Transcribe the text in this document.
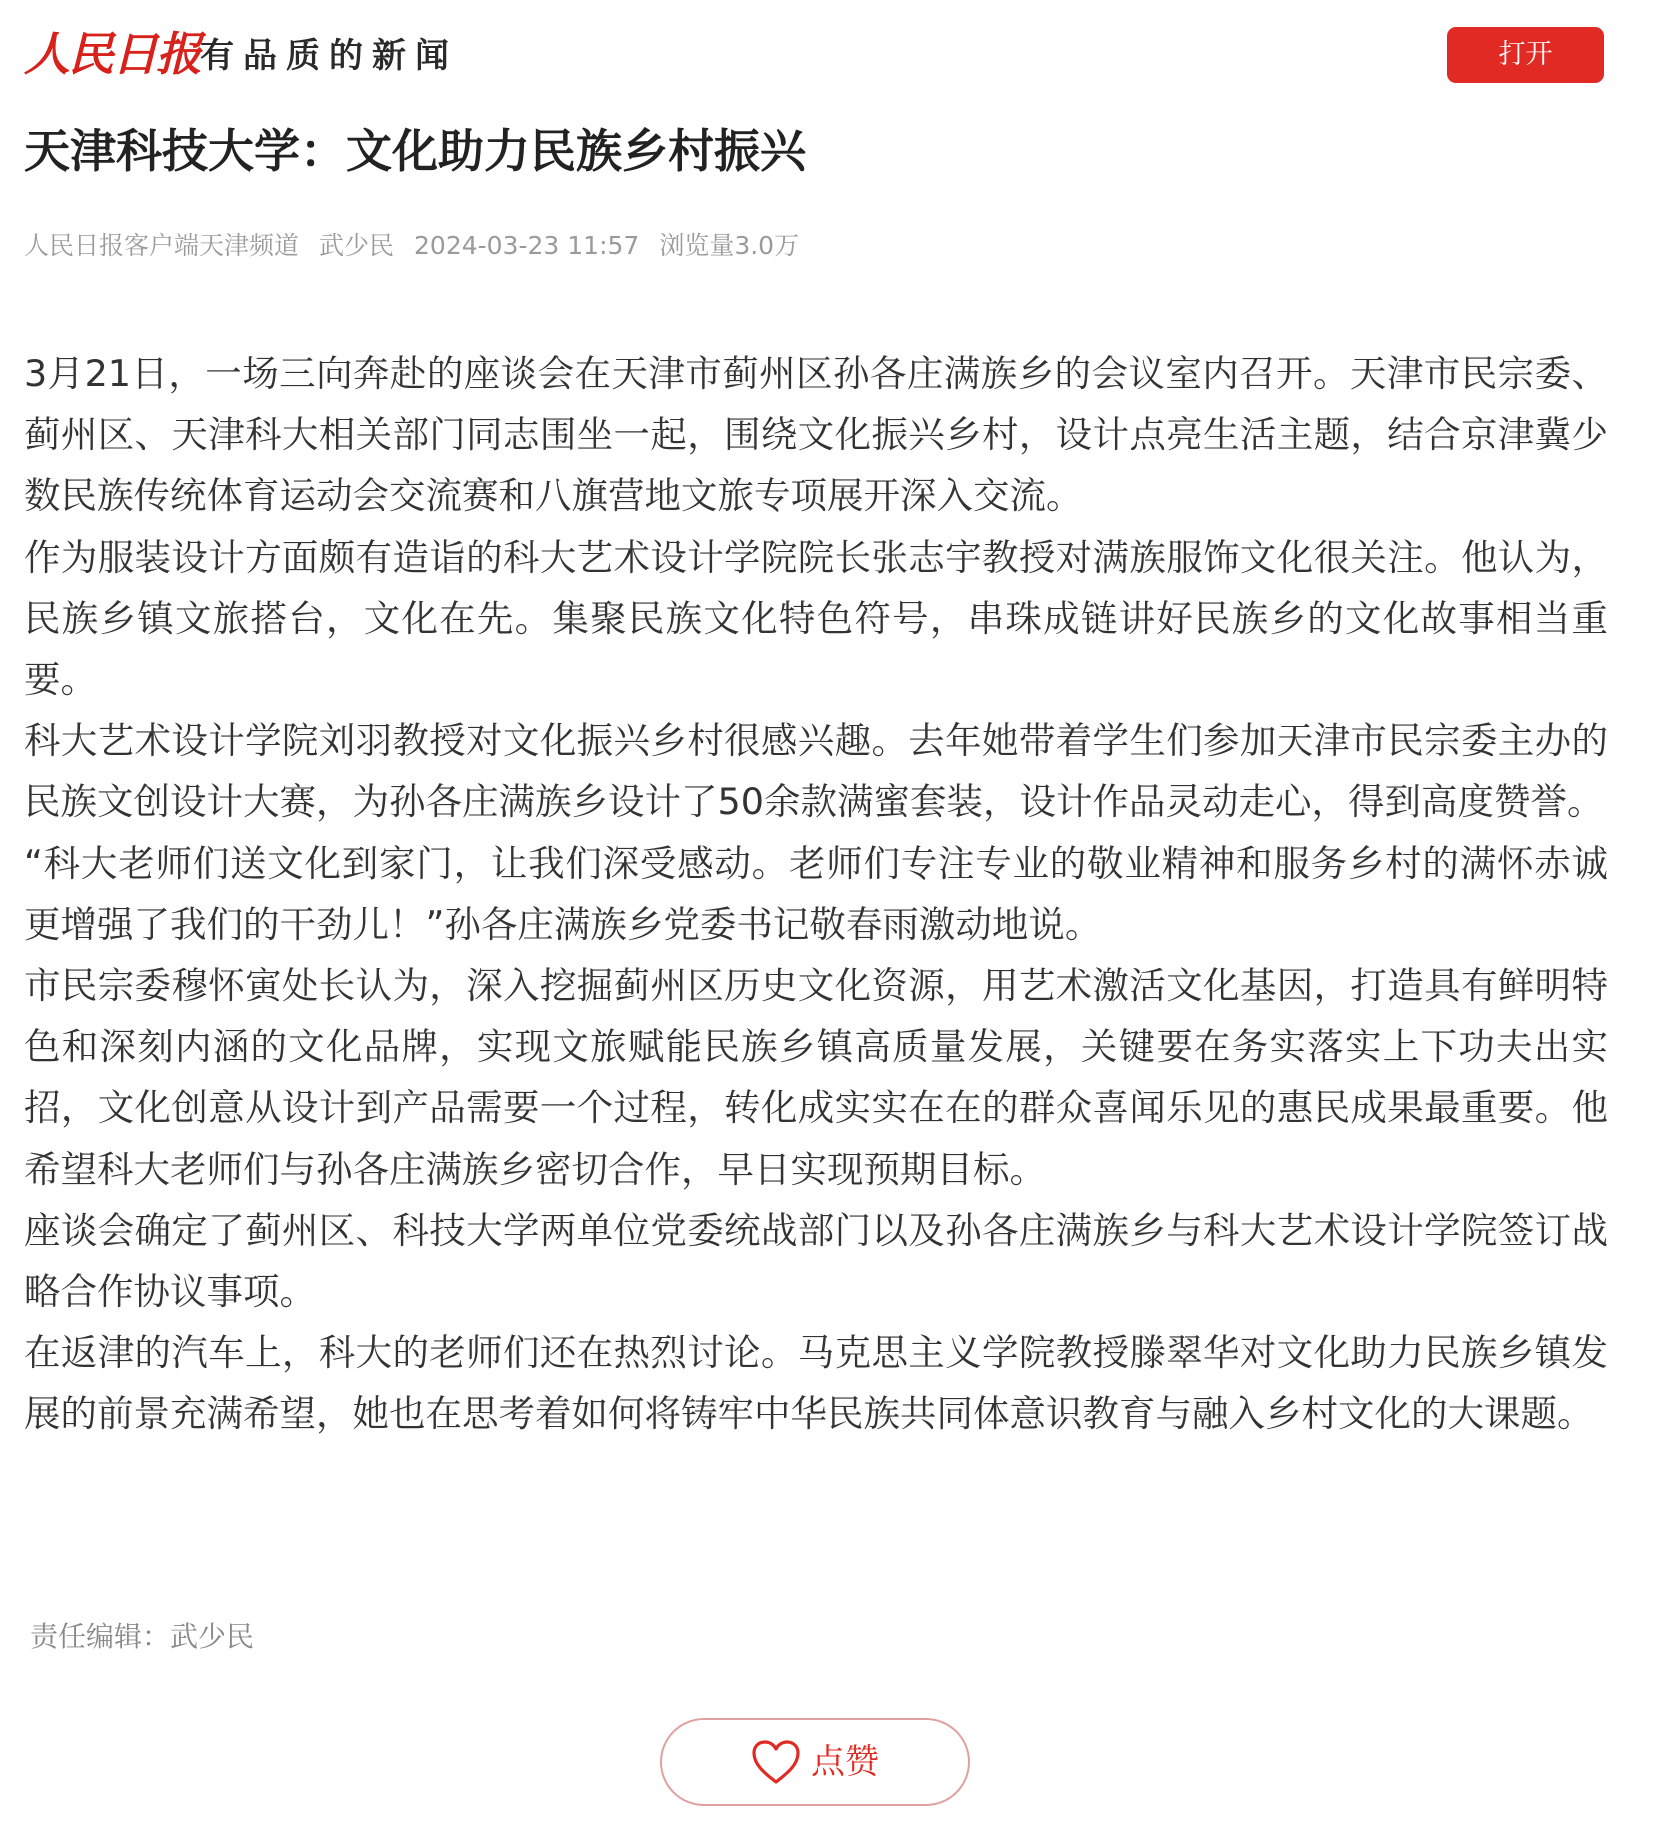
人民日报 有品质的新闻	打开
天津科技大学：文化助力民族乡村振兴
人民日报客户端天津频道 武少民 2024-03-23 11:57 浏览量3.0万

3月21日，一场三向奔赴的座谈会在天津市蓟州区孙各庄满族乡的会议室内召开。天津市民宗委、蓟州区、天津科大相关部门同志围坐一起，围绕文化振兴乡村，设计点亮生活主题，结合京津冀少数民族传统体育运动会交流赛和八旗营地文旅专项展开深入交流。

作为服装设计方面颇有造诣的科大艺术设计学院院长张志宇教授对满族服饰文化很关注。他认为，民族乡镇文旅搭台，文化在先。集聚民族文化特色符号，串珠成链讲好民族乡的文化故事相当重要。

科大艺术设计学院刘羽教授对文化振兴乡村很感兴趣。去年她带着学生们参加天津市民宗委主办的民族文创设计大赛，为孙各庄满族乡设计了50余款满蜜套装，设计作品灵动走心，得到高度赞誉。

“科大老师们送文化到家门，让我们深受感动。老师们专注专业的敬业精神和服务乡村的满怀赤诚更增强了我们的干劲儿！”孙各庄满族乡党委书记敬春雨激动地说。

市民宗委穆怀寅处长认为，深入挖掘蓟州区历史文化资源，用艺术激活文化基因，打造具有鲜明特色和深刻内涵的文化品牌，实现文旅赋能民族乡镇高质量发展，关键要在务实落实上下功夫出实招，文化创意从设计到产品需要一个过程，转化成实实在在的群众喜闻乐见的惠民成果最重要。他希望科大老师们与孙各庄满族乡密切合作，早日实现预期目标。

座谈会确定了蓟州区、科技大学两单位党委统战部门以及孙各庄满族乡与科大艺术设计学院签订战略合作协议事项。

在返津的汽车上，科大的老师们还在热烈讨论。马克思主义学院教授滕翠华对文化助力民族乡镇发展的前景充满希望，她也在思考着如何将铸牢中华民族共同体意识教育与融入乡村文化的大课题。

责任编辑：武少民
点赞
